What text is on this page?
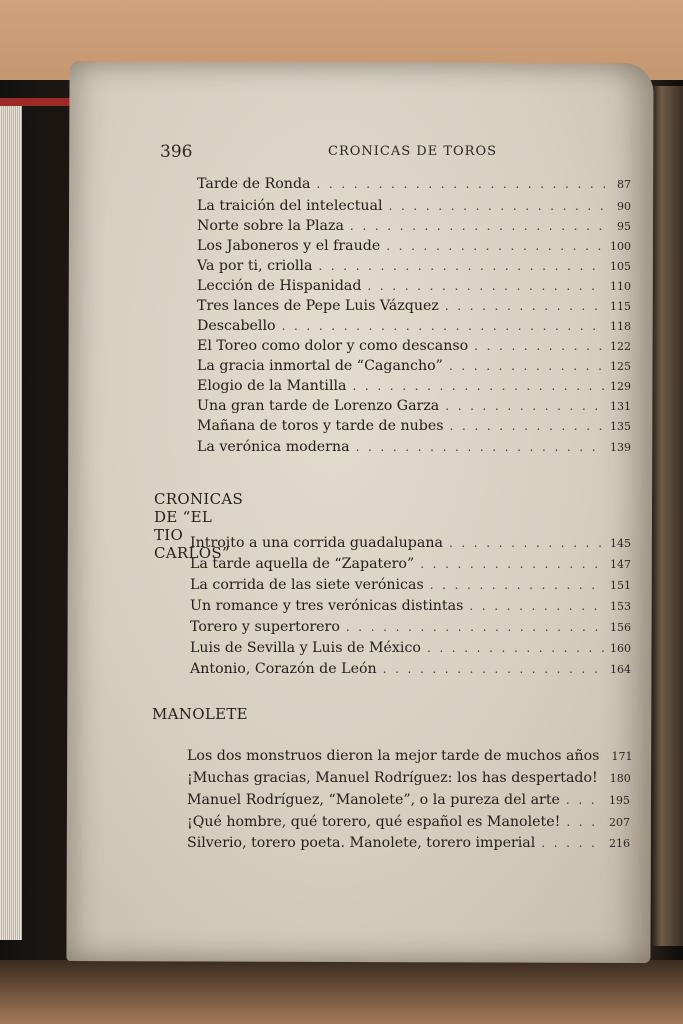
396	CRONICAS DE TOROS
Tarde de Ronda . . .	87
La traición del intelectual . . .	90
Norte sobre la Plaza . . .	95
Los Jaboneros y el fraude . . .	100
Va por ti, criolla . . .	105
Lección de Hispanidad . . .	110
Tres lances de Pepe Luis Vázquez . . .	115
Descabello . . .	118
El Toreo como dolor y como descanso . . .	122
La gracia inmortal de “Cagancho” . . .	125
Elogio de la Mantilla . . .	129
Una gran tarde de Lorenzo Garza . . .	131
Mañana de toros y tarde de nubes . . .	135
La verónica moderna . . .	139
CRONICAS DE “EL TIO CARLOS”
Introito a una corrida guadalupana . . .	145
La tarde aquella de “Zapatero” . . .	147
La corrida de las siete verónicas . . .	151
Un romance y tres verónicas distintas . . .	153
Torero y supertorero . . .	156
Luis de Sevilla y Luis de México . . .	160
Antonio, Corazón de León . . .	164
MANOLETE
Los dos monstruos dieron la mejor tarde de muchos años 171
¡Muchas gracias, Manuel Rodríguez: los has despertado! 180
Manuel Rodríguez, “Manolete”, o la pureza del arte . . .	195
¡Qué hombre, qué torero, qué español es Manolete! . . .	207
Silverio, torero poeta. Manolete, torero imperial . . .	216
